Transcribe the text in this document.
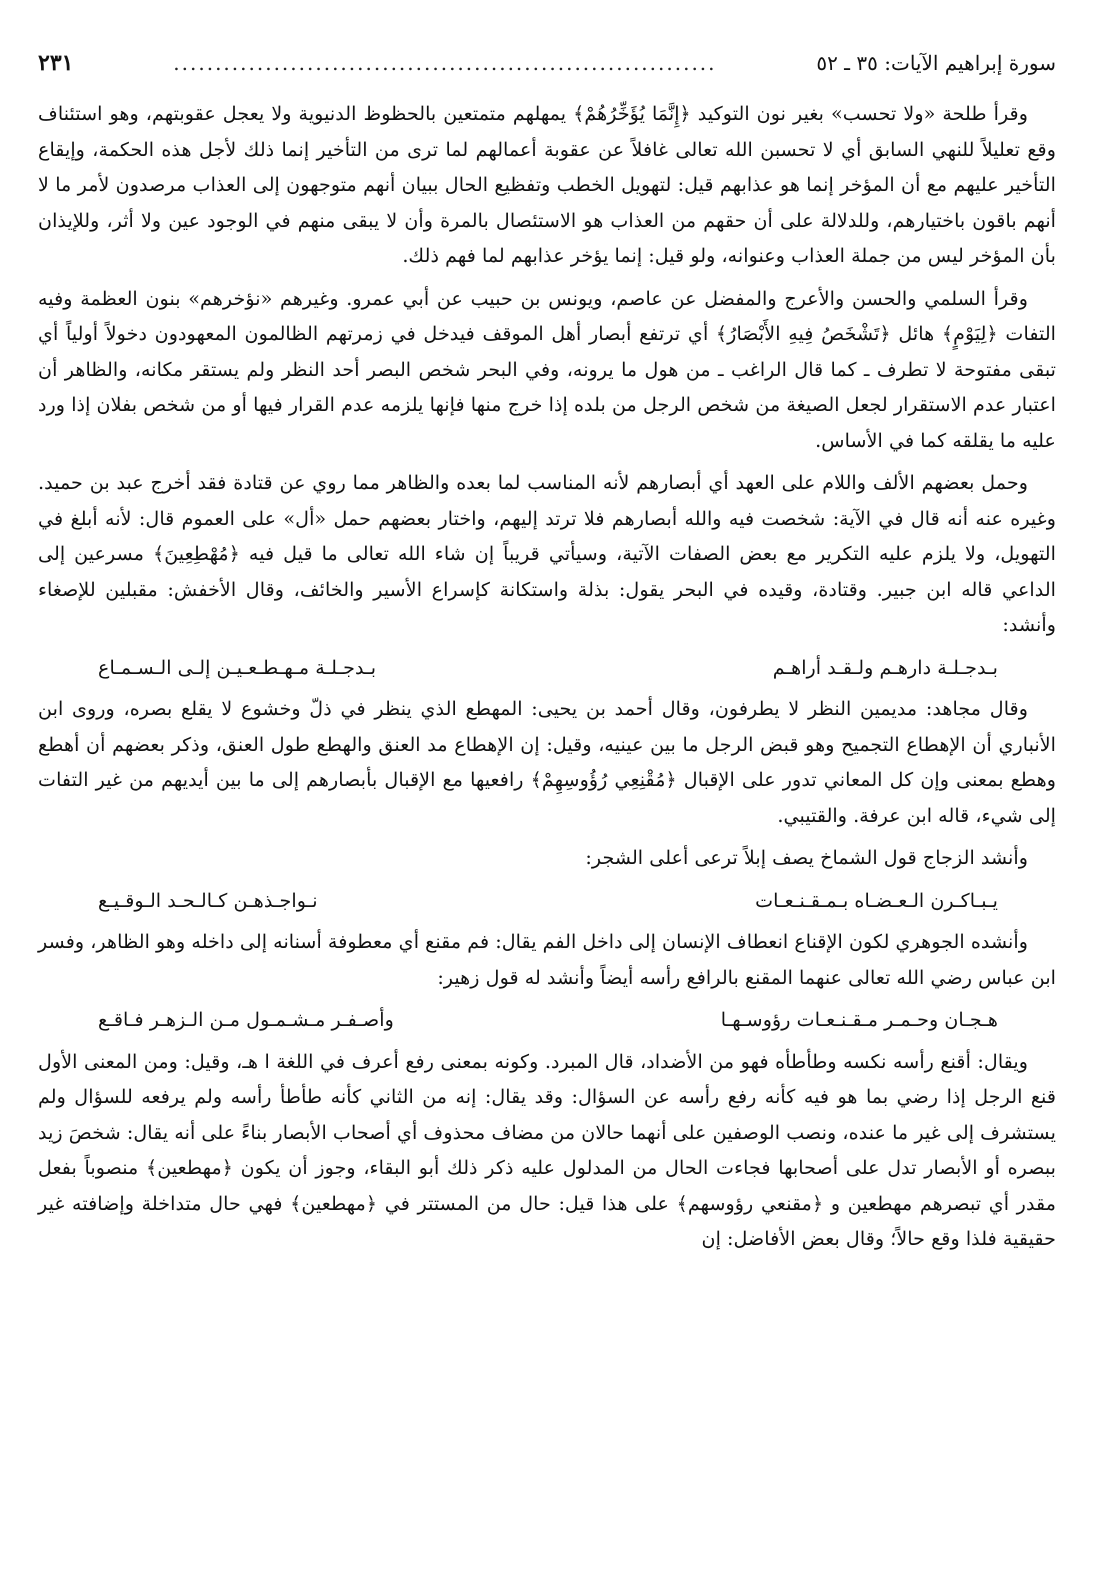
سورة إبراهيم الآيات: ٣٥ ـ ٥٢
.................................................................
٢٣١

وقرأ طلحة «ولا تحسب» بغير نون التوكيد ﴿إِنَّمَا يُؤَخِّرُهُمْ﴾ يمهلهم متمتعين بالحظوظ الدنيوية ولا يعجل عقوبتهم، وهو استئناف وقع تعليلاً للنهي السابق أي لا تحسبن الله تعالى غافلاً عن عقوبة أعمالهم لما ترى من التأخير إنما ذلك لأجل هذه الحكمة، وإيقاع التأخير عليهم مع أن المؤخر إنما هو عذابهم قيل: لتهويل الخطب وتفظيع الحال ببيان أنهم متوجهون إلى العذاب مرصدون لأمر ما لا أنهم باقون باختيارهم، وللدلالة على أن حقهم من العذاب هو الاستئصال بالمرة وأن لا يبقى منهم في الوجود عين ولا أثر، وللإيذان بأن المؤخر ليس من جملة العذاب وعنوانه، ولو قيل: إنما يؤخر عذابهم لما فهم ذلك.

وقرأ السلمي والحسن والأعرج والمفضل عن عاصم، ويونس بن حبيب عن أبي عمرو. وغيرهم «نؤخرهم» بنون العظمة وفيه التفات ﴿لِيَوْمٍ﴾ هائل ﴿تَشْخَصُ فِيهِ الأَبْصَارُ﴾ أي ترتفع أبصار أهل الموقف فيدخل في زمرتهم الظالمون المعهودون دخولاً أولياً أي تبقى مفتوحة لا تطرف ـ كما قال الراغب ـ من هول ما يرونه، وفي البحر شخص البصر أحد النظر ولم يستقر مكانه، والظاهر أن اعتبار عدم الاستقرار لجعل الصيغة من شخص الرجل من بلده إذا خرج منها فإنها يلزمه عدم القرار فيها أو من شخص بفلان إذا ورد عليه ما يقلقه كما في الأساس.

وحمل بعضهم الألف واللام على العهد أي أبصارهم لأنه المناسب لما بعده والظاهر مما روي عن قتادة فقد أخرج عبد بن حميد. وغيره عنه أنه قال في الآية: شخصت فيه والله أبصارهم فلا ترتد إليهم، واختار بعضهم حمل «أل» على العموم قال: لأنه أبلغ في التهويل، ولا يلزم عليه التكرير مع بعض الصفات الآتية، وسيأتي قريباً إن شاء الله تعالى ما قيل فيه ﴿مُهْطِعِينَ﴾ مسرعين إلى الداعي قاله ابن جبير. وقتادة، وقيده في البحر يقول: بذلة واستكانة كإسراع الأسير والخائف، وقال الأخفش: مقبلين للإصغاء وأنشد:

بـدجـلـة دارهـم ولـقـد أراهـم
بـدجـلـة مـهـطـعـيـن إلـى الـسـمـاع

وقال مجاهد: مديمين النظر لا يطرفون، وقال أحمد بن يحيى: المهطع الذي ينظر في ذلّ وخشوع لا يقلع بصره، وروى ابن الأنباري أن الإهطاع التجميح وهو قبض الرجل ما بين عينيه، وقيل: إن الإهطاع مد العنق والهطع طول العنق، وذكر بعضهم أن أهطع وهطع بمعنى وإن كل المعاني تدور على الإقبال ﴿مُقْنِعِي رُؤُوسِهِمْ﴾ رافعيها مع الإقبال بأبصارهم إلى ما بين أيديهم من غير التفات إلى شيء، قاله ابن عرفة. والقتيبي.

وأنشد الزجاج قول الشماخ يصف إبلاً ترعى أعلى الشجر:

يـبـاكـرن الـعـضـاه بـمـقـنـعـات
نـواجـذهـن كـالـحـد الـوقـيـع

وأنشده الجوهري لكون الإقناع انعطاف الإنسان إلى داخل الفم يقال: فم مقنع أي معطوفة أسنانه إلى داخله وهو الظاهر، وفسر ابن عباس رضي الله تعالى عنهما المقنع بالرافع رأسه أيضاً وأنشد له قول زهير:

هـجـان وحـمـر مـقـنـعـات رؤوسـهـا
وأصـفـر مـشـمـول مـن الـزهـر فـاقـع

ويقال: أقنع رأسه نكسه وطأطأه فهو من الأضداد، قال المبرد. وكونه بمعنى رفع أعرف في اللغة ا هـ، وقيل: ومن المعنى الأول قنع الرجل إذا رضي بما هو فيه كأنه رفع رأسه عن السؤال: وقد يقال: إنه من الثاني كأنه طأطأ رأسه ولم يرفعه للسؤال ولم يستشرف إلى غير ما عنده، ونصب الوصفين على أنهما حالان من مضاف محذوف أي أصحاب الأبصار بناءً على أنه يقال: شخصَ زيد ببصره أو الأبصار تدل على أصحابها فجاءت الحال من المدلول عليه ذكر ذلك أبو البقاء، وجوز أن يكون ﴿مهطعين﴾ منصوباً بفعل مقدر أي تبصرهم مهطعين و ﴿مقنعي رؤوسهم﴾ على هذا قيل: حال من المستتر في ﴿مهطعين﴾ فهي حال متداخلة وإضافته غير حقيقية فلذا وقع حالاً؛ وقال بعض الأفاضل: إن
